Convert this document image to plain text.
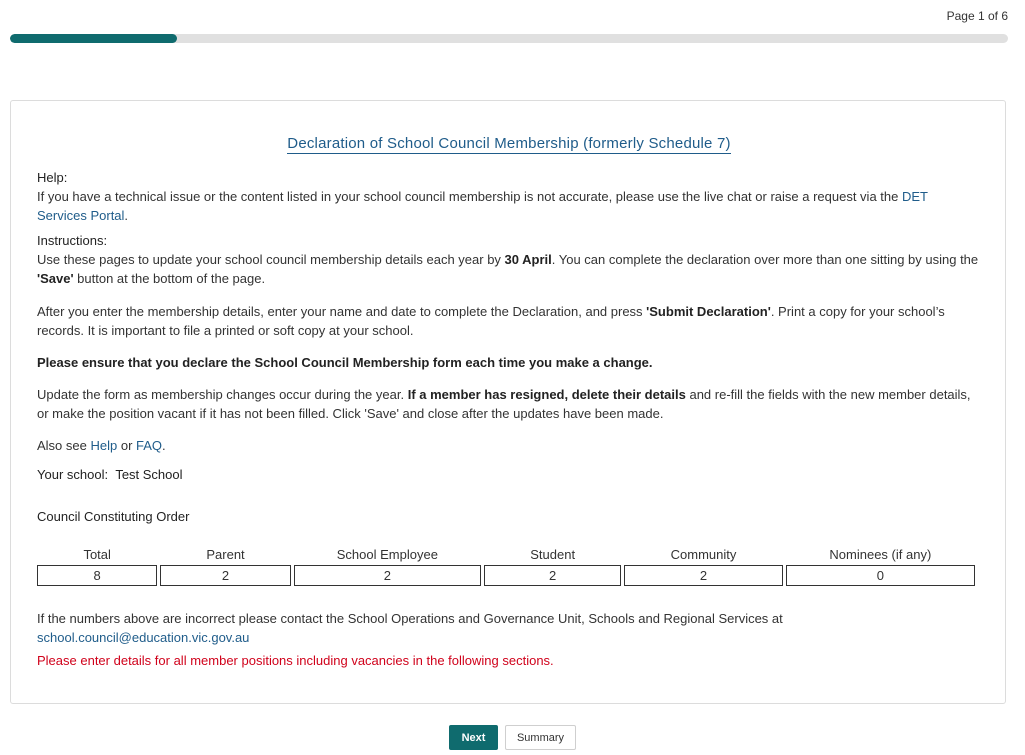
Page 1 of 6
Declaration of School Council Membership (formerly Schedule 7)
Help:
If you have a technical issue or the content listed in your school council membership is not accurate, please use the live chat or raise a request via the DET Services Portal.
Instructions:
Use these pages to update your school council membership details each year by 30 April. You can complete the declaration over more than one sitting by using the 'Save' button at the bottom of the page.
After you enter the membership details, enter your name and date to complete the Declaration, and press 'Submit Declaration'. Print a copy for your school’s records. It is important to file a printed or soft copy at your school.
Please ensure that you declare the School Council Membership form each time you make a change.
Update the form as membership changes occur during the year. If a member has resigned, delete their details and re-fill the fields with the new member details, or make the position vacant if it has not been filled. Click 'Save' and close after the updates have been made.
Also see Help or FAQ.
Your school: Test School
Council Constituting Order
Total	Parent	School Employee	Student	Community	Nominees (if any)
8	2	2	2	2	0
If the numbers above are incorrect please contact the School Operations and Governance Unit, Schools and Regional Services at school.council@education.vic.gov.au
Please enter details for all member positions including vacancies in the following sections.
Next	Summary
